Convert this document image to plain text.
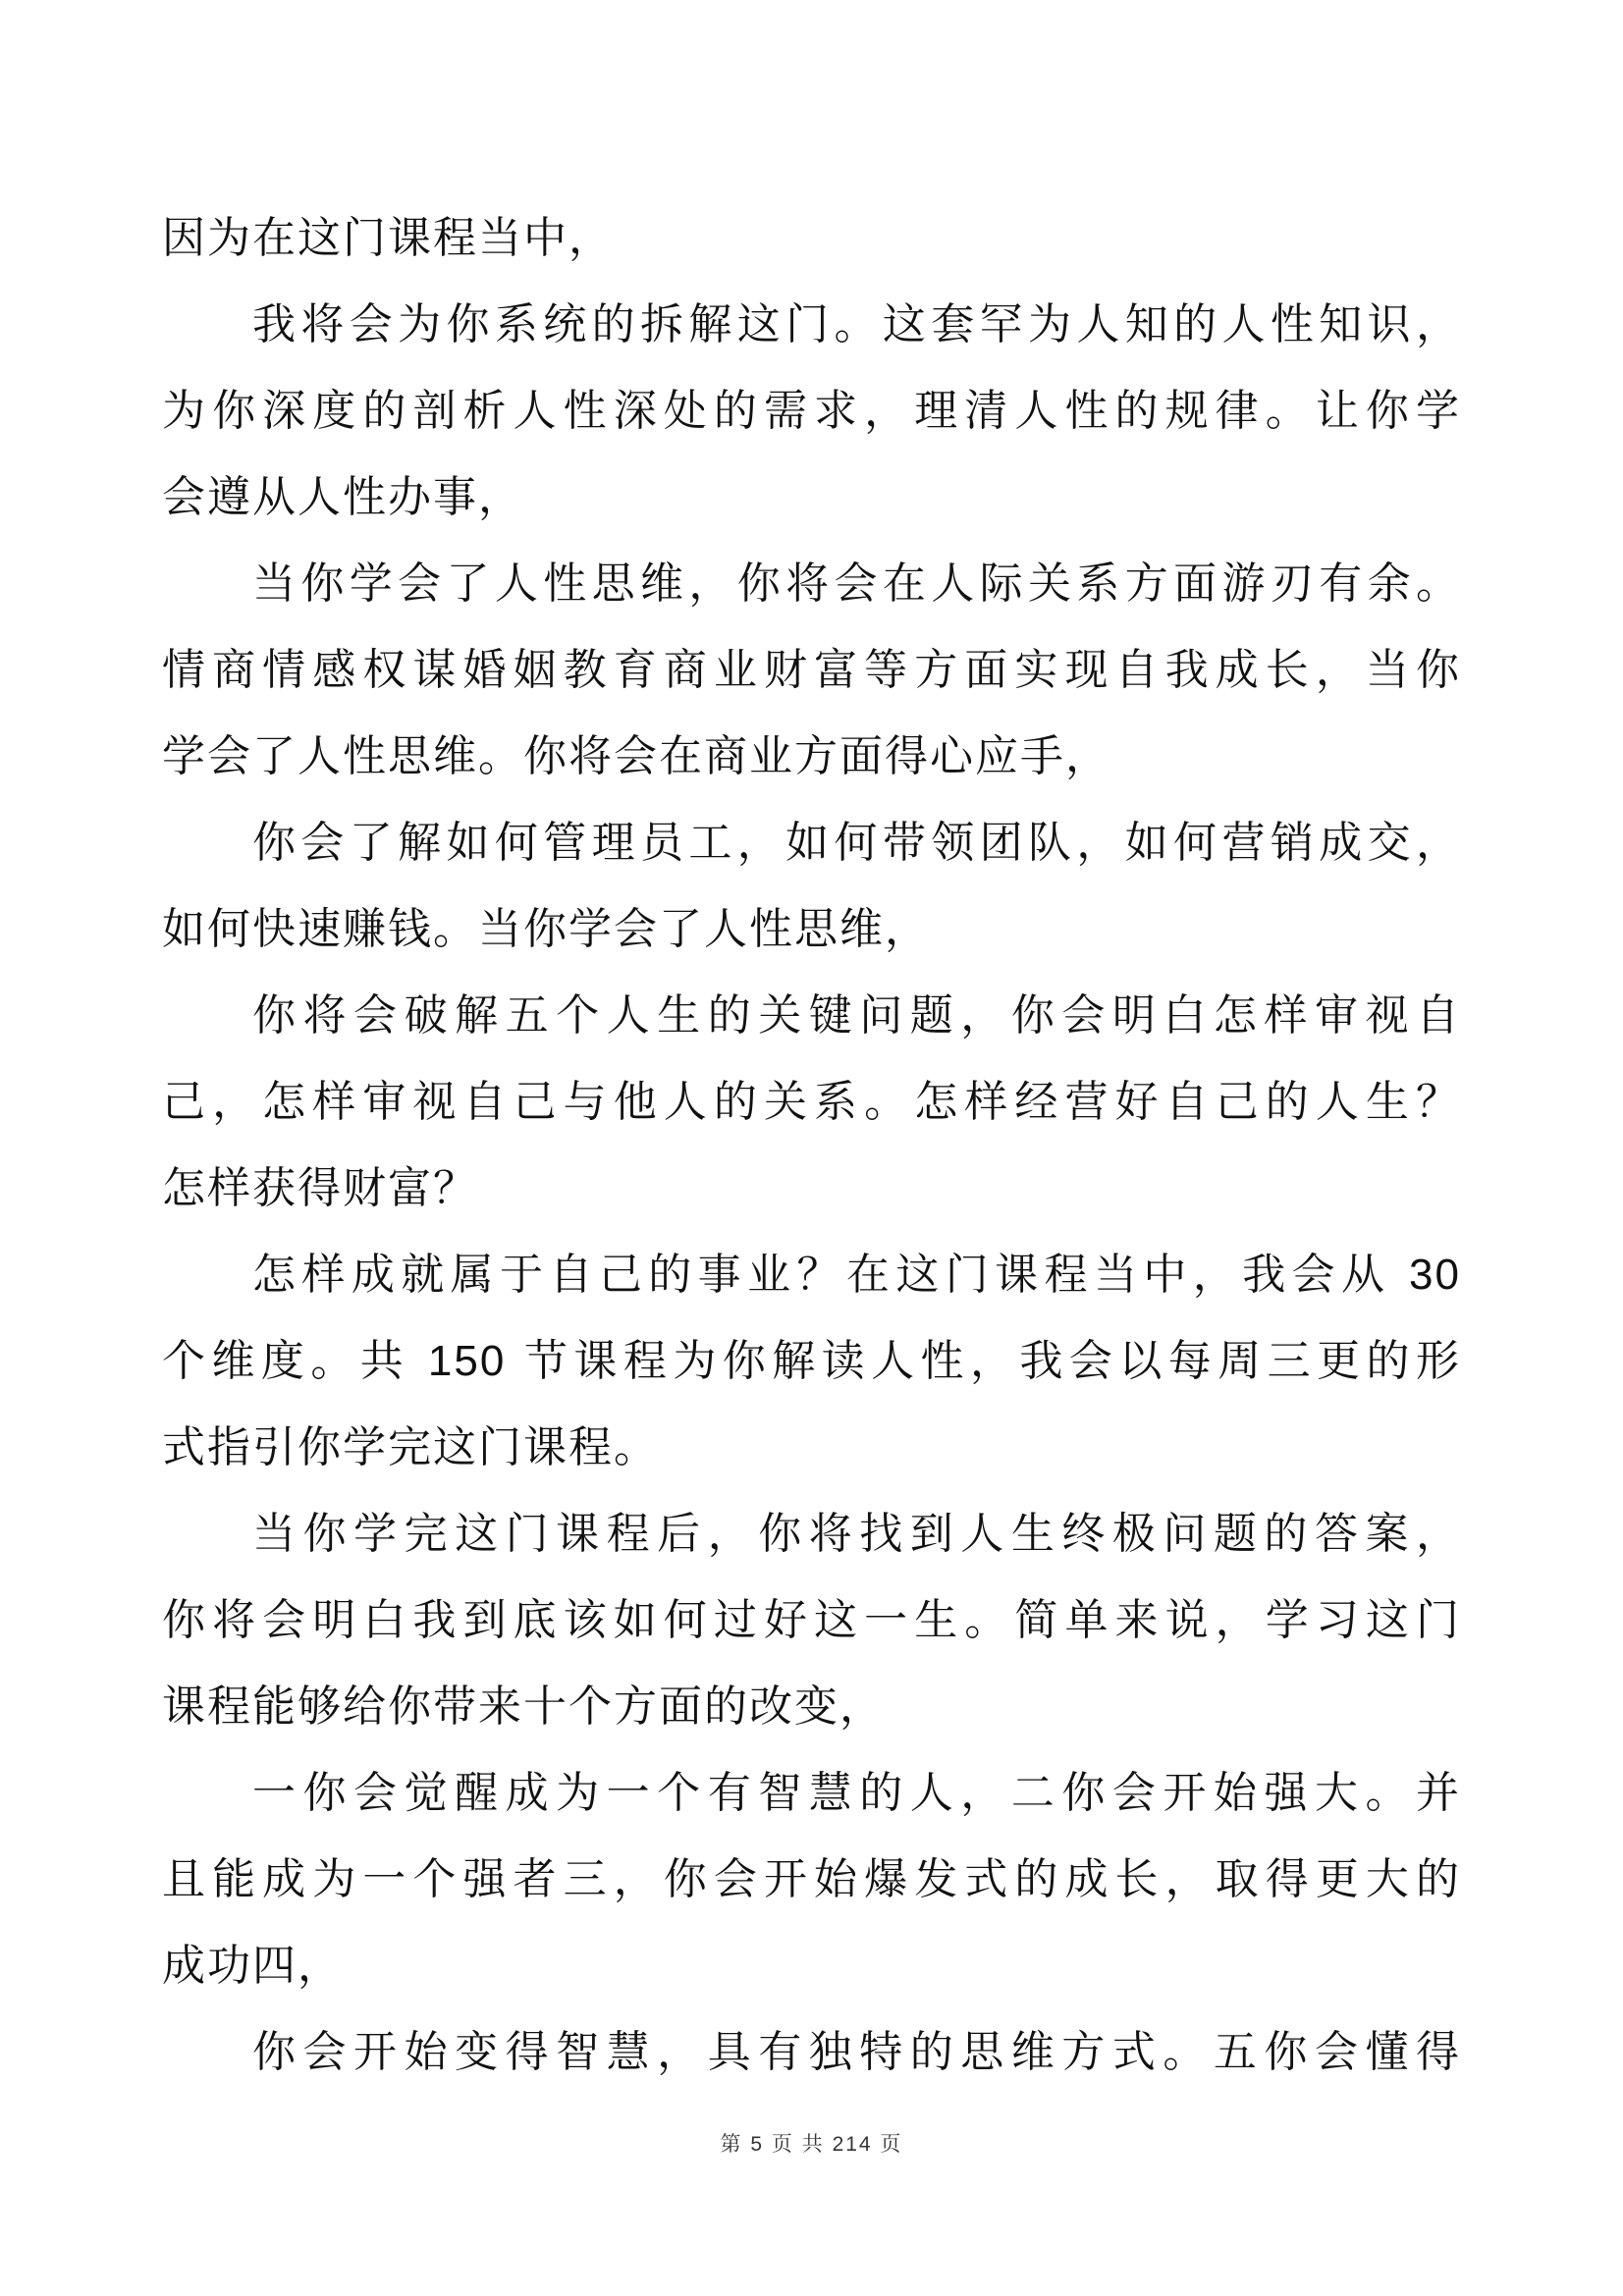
因为在这门课程当中，
我将会为你系统的拆解这门。这套罕为人知的人性知识，
为你深度的剖析人性深处的需求，理清人性的规律。让你学
会遵从人性办事，
当你学会了人性思维，你将会在人际关系方面游刃有余。
情商情感权谋婚姻教育商业财富等方面实现自我成长，当你
学会了人性思维。你将会在商业方面得心应手，
你会了解如何管理员工，如何带领团队，如何营销成交，
如何快速赚钱。当你学会了人性思维，
你将会破解五个人生的关键问题，你会明白怎样审视自
己，怎样审视自己与他人的关系。怎样经营好自己的人生？
怎样获得财富？
怎样成就属于自己的事业？在这门课程当中，我会从 30
个维度。共 150 节课程为你解读人性，我会以每周三更的形
式指引你学完这门课程。
当你学完这门课程后，你将找到人生终极问题的答案，
你将会明白我到底该如何过好这一生。简单来说，学习这门
课程能够给你带来十个方面的改变，
一你会觉醒成为一个有智慧的人，二你会开始强大。并
且能成为一个强者三，你会开始爆发式的成长，取得更大的
成功四，
你会开始变得智慧，具有独特的思维方式。五你会懂得
第 5 页 共 214 页
